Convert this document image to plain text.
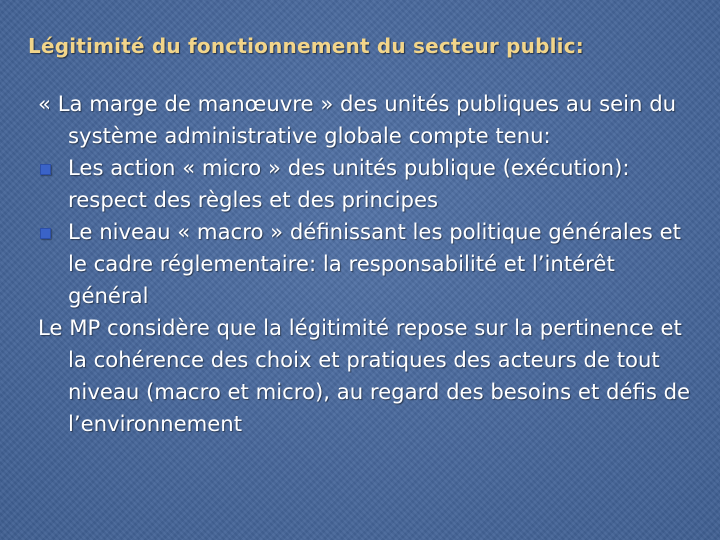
Légitimité du fonctionnement du secteur public:

« La marge de manœuvre » des unités publiques au sein du système administrative globale compte tenu:

Les action « micro » des unités publique (exécution): respect des règles et des principes
Le niveau « macro » définissant les politique générales et le cadre réglementaire: la responsabilité et l’intérêt général

Le MP considère que la légitimité repose sur la pertinence et la cohérence des choix et pratiques des acteurs de tout niveau (macro et micro), au regard des besoins et défis de l’environnement
